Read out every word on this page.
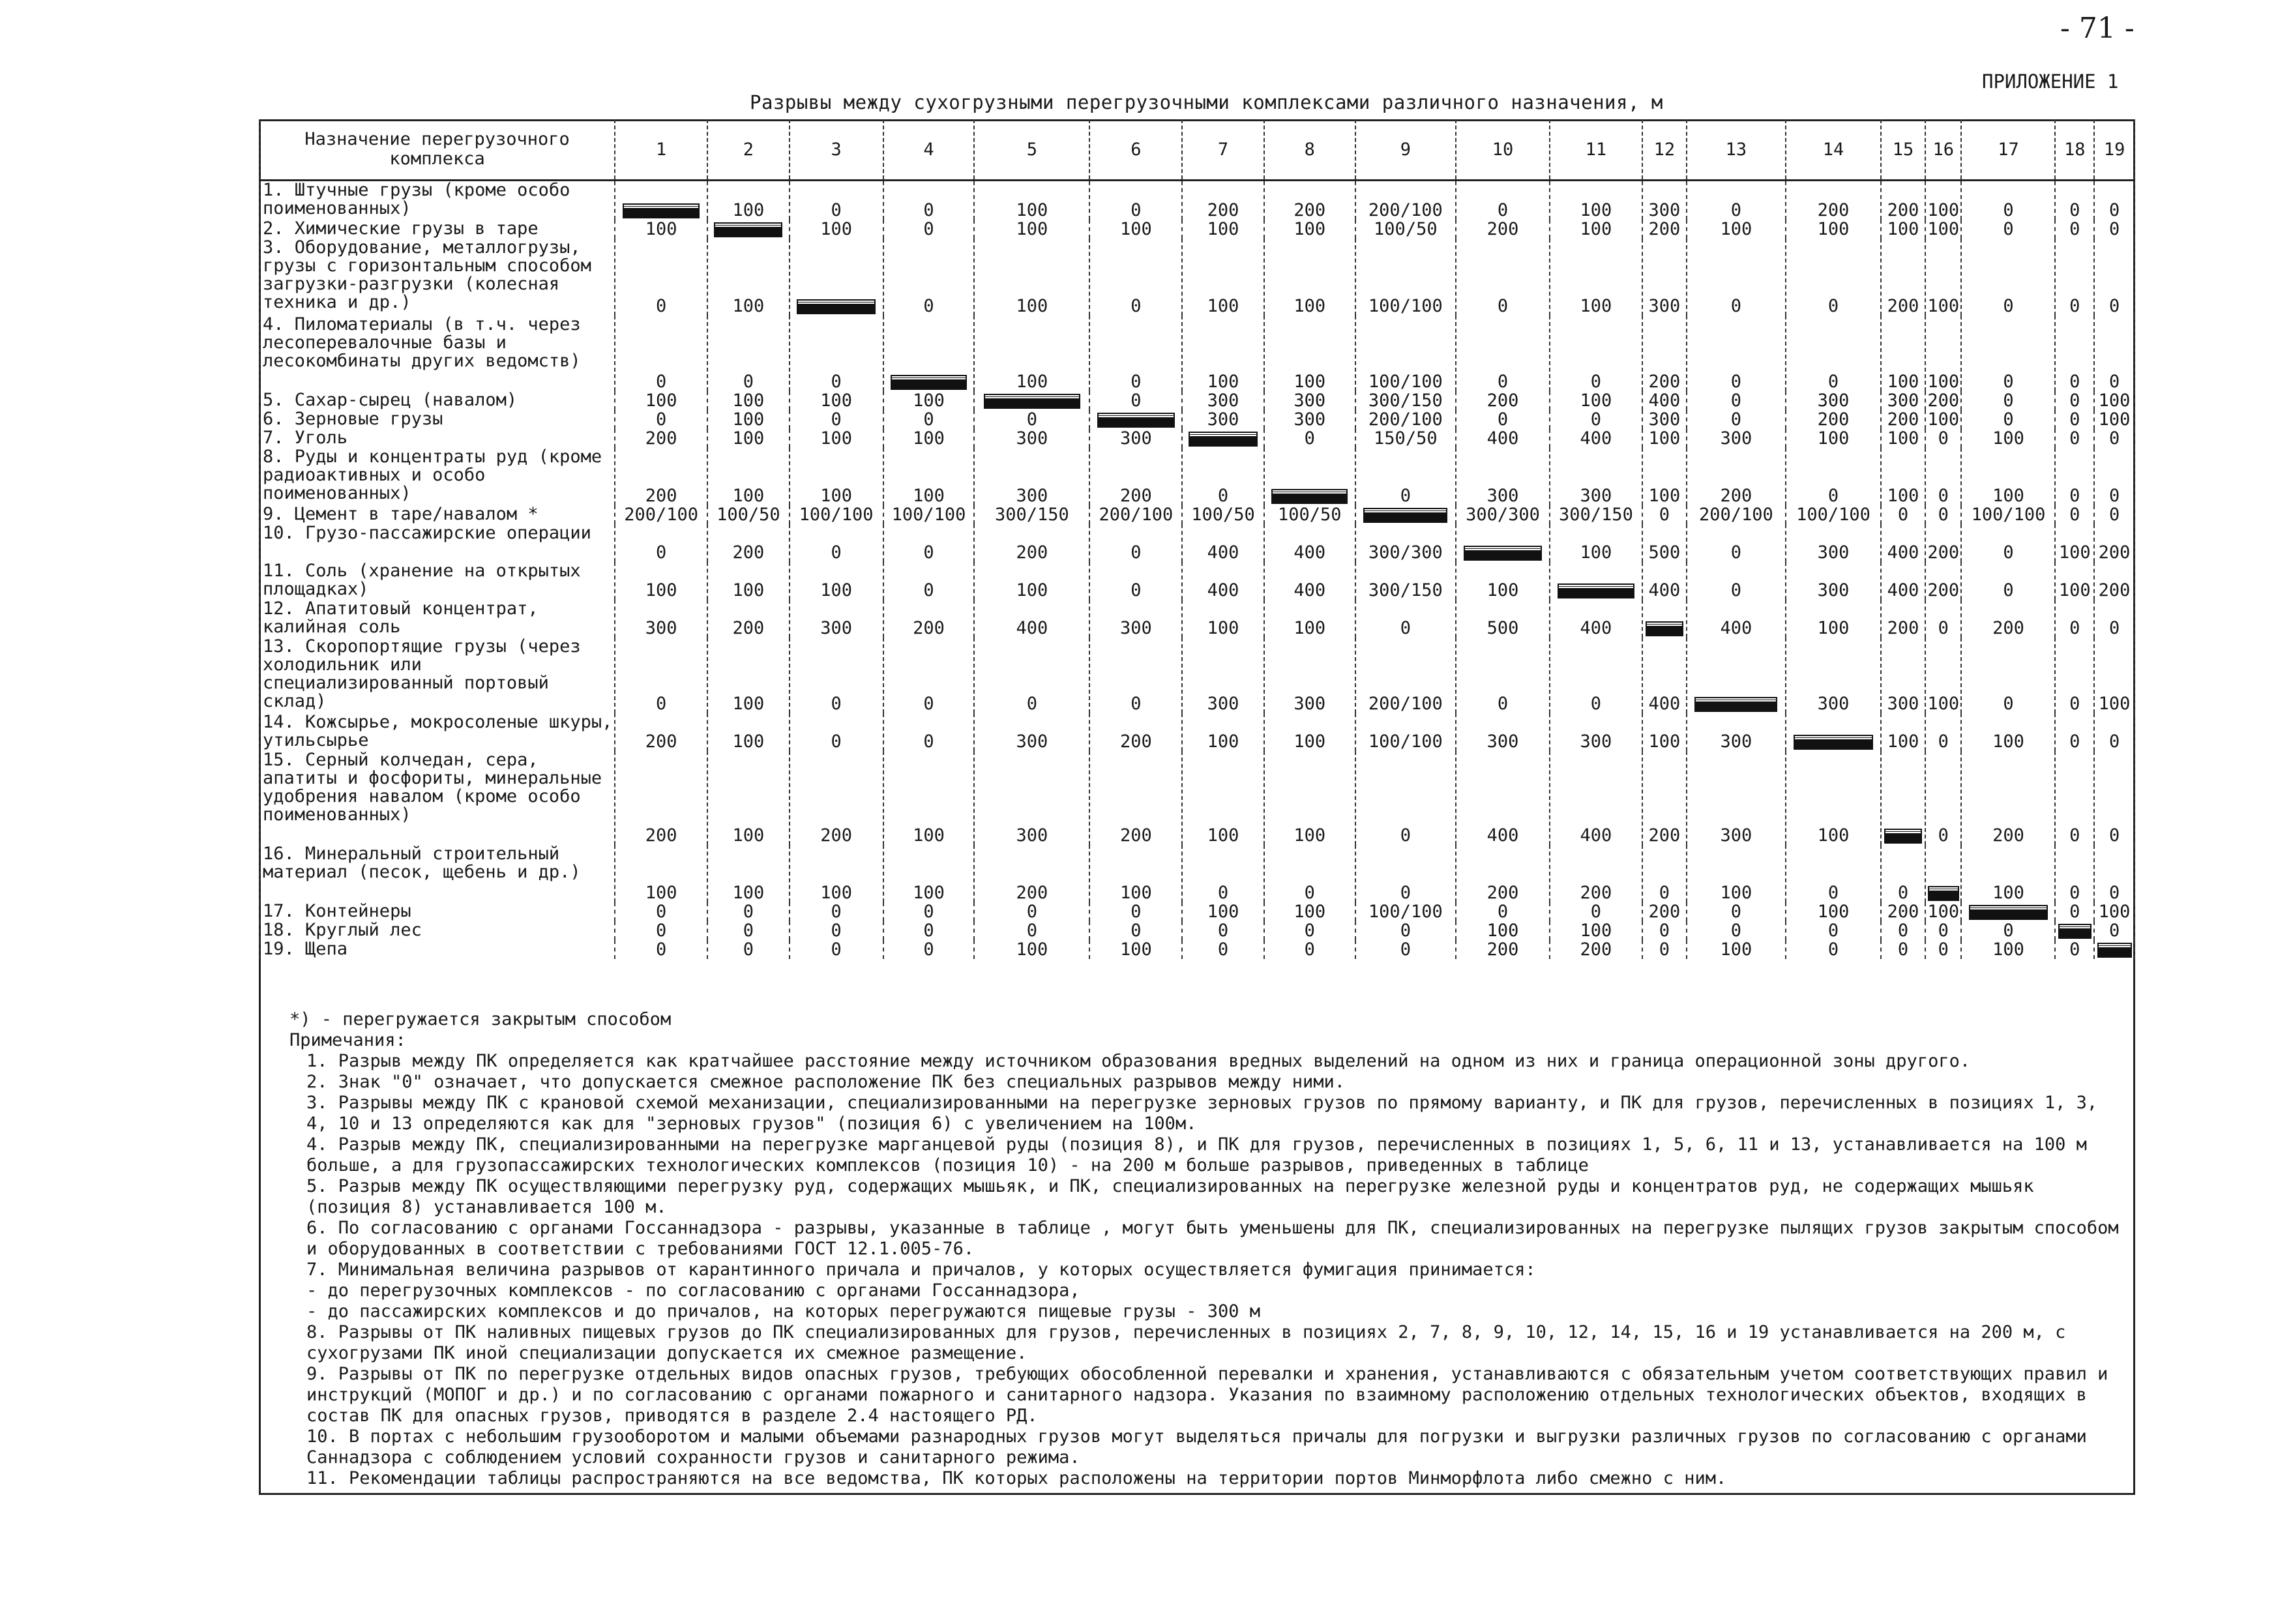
- 71 -
ПРИЛОЖЕНИЕ 1
Разрывы между сухогрузными перегрузочными комплексами различного назначения, м
Назначение перегрузочного комплекса	1	2	3	4	5	6	7	8	9	10	11	12	13	14	15	16	17	18	19
1. Штучные грузы (кроме особо поименованных)		100	0	0	100	0	200	200	200/100	0	100	300	0	200	200	100	0	0	0
2. Химические грузы в таре	100		100	0	100	100	100	100	100/50	200	100	200	100	100	100	100	0	0	0
3. Оборудование, металлогрузы, грузы с горизонтальным способом загрузки-разгрузки (колесная техника и др.)	0	100		0	100	0	100	100	100/100	0	100	300	0	0	200	100	0	0	0
4. Пиломатериалы (в т.ч. через лесоперевалочные базы и лесокомбинаты других ведомств)	0	0	0		100	0	100	100	100/100	0	0	200	0	0	100	100	0	0	0
5. Сахар-сырец (навалом)	100	100	100	100		0	300	300	300/150	200	100	400	0	300	300	200	0	0	100
6. Зерновые грузы	0	100	0	0	0		300	300	200/100	0	0	300	0	200	200	100	0	0	100
7. Уголь	200	100	100	100	300	300		0	150/50	400	400	100	300	100	100	0	100	0	0
8. Руды и концентраты руд (кроме радиоактивных и особо поименованных)	200	100	100	100	300	200	0		0	300	300	100	200	0	100	0	100	0	0
9. Цемент в таре/навалом *	200/100	100/50	100/100	100/100	300/150	200/100	100/50	100/50		300/300	300/150	0	200/100	100/100	0	0	100/100	0	0
10. Грузо-пассажирские операции	0	200	0	0	200	0	400	400	300/300		100	500	0	300	400	200	0	100	200
11. Соль (хранение на открытых площадках)	100	100	100	0	100	0	400	400	300/150	100		400	0	300	400	200	0	100	200
12. Апатитовый концентрат, калийная соль	300	200	300	200	400	300	100	100	0	500	400		400	100	200	0	200	0	0
13. Скоропортящие грузы (через холодильник или специализированный портовый склад)	0	100	0	0	0	0	300	300	200/100	0	0	400		300	300	100	0	0	100
14. Кожсырье, мокросоленые шкуры, утильсырье	200	100	0	0	300	200	100	100	100/100	300	300	100	300		100	0	100	0	0
15. Серный колчедан, сера, апатиты и фосфориты, минеральные удобрения навалом (кроме особо поименованных)	200	100	200	100	300	200	100	100	0	400	400	200	300	100		0	200	0	0
16. Минеральный строительный материал (песок, щебень и др.)	100	100	100	100	200	100	0	0	0	200	200	0	100	0	0		100	0	0
17. Контейнеры	0	0	0	0	0	0	100	100	100/100	0	0	200	0	100	200	100		0	100
18. Круглый лес	0	0	0	0	0	0	0	0	0	100	100	0	0	0	0	0	0		0
19. Щепа	0	0	0	0	100	100	0	0	0	200	200	0	100	0	0	0	100	0	

*) - перегружается закрытым способом

Примечания:

1. Разрыв между ПК определяется как кратчайшее расстояние между источником образования вредных выделений на одном из них и граница операционной зоны другого.

2. Знак "0" означает, что допускается смежное расположение ПК без специальных разрывов между ними.

3. Разрывы между ПК с крановой схемой механизации, специализированными на перегрузке зерновых грузов по прямому варианту, и ПК для грузов, перечисленных в позициях 1, 3, 4, 10 и 13 определяются как для "зерновых грузов" (позиция 6) с увеличением на 100м.

4. Разрыв между ПК, специализированными на перегрузке марганцевой руды (позиция 8), и ПК для грузов, перечисленных в позициях 1, 5, 6, 11 и 13, устанавливается на 100 м больше, а для грузопассажирских технологических комплексов (позиция 10) - на 200 м больше разрывов, приведенных в таблице

5. Разрыв между ПК осуществляющими перегрузку руд, содержащих мышьяк, и ПК, специализированных на перегрузке железной руды и концентратов руд, не содержащих мышьяк (позиция 8) устанавливается 100 м.

6. По согласованию с органами Госсаннадзора - разрывы, указанные в таблице , могут быть уменьшены для ПК, специализированных на перегрузке пылящих грузов закрытым способом и оборудованных в соответствии с требованиями ГОСТ 12.1.005-76.

7. Минимальная величина разрывов от карантинного причала и причалов, у которых осуществляется фумигация принимается:

- до перегрузочных комплексов - по согласованию с органами Госсаннадзора,

- до пассажирских комплексов и до причалов, на которых перегружаются пищевые грузы - 300 м

8. Разрывы от ПК наливных пищевых грузов до ПК специализированных для грузов, перечисленных в позициях 2, 7, 8, 9, 10, 12, 14, 15, 16 и 19 устанавливается на 200 м, с сухогрузами ПК иной специализации допускается их смежное размещение.

9. Разрывы от ПК по перегрузке отдельных видов опасных грузов, требующих обособленной перевалки и хранения, устанавливаются с обязательным учетом соответствующих правил и инструкций (МОПОГ и др.) и по согласованию с органами пожарного и санитарного надзора. Указания по взаимному расположению отдельных технологических объектов, входящих в состав ПК для опасных грузов, приводятся в разделе 2.4 настоящего РД.

10. В портах с небольшим грузооборотом и малыми объемами разнародных грузов могут выделяться причалы для погрузки и выгрузки различных грузов по согласованию с органами Саннадзора с соблюдением условий сохранности грузов и санитарного режима.

11. Рекомендации таблицы распространяются на все ведомства, ПК которых расположены на территории портов Минморфлота либо смежно с ним.
